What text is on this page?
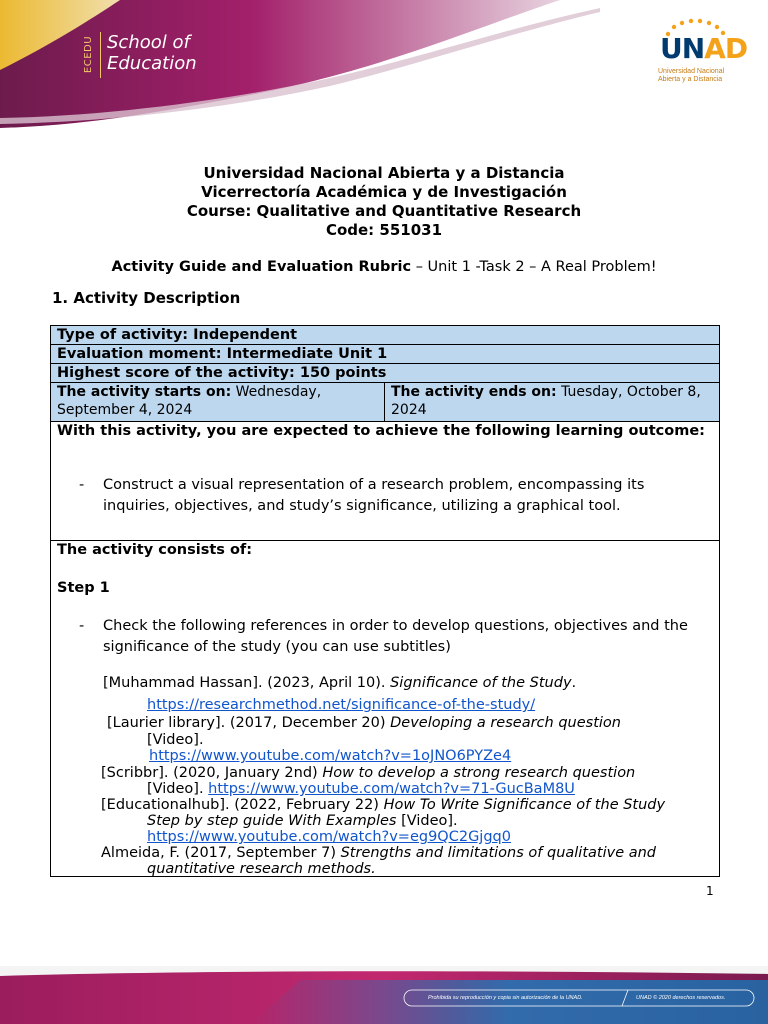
ECEDU School of
Education	UNAD
Universidad Nacional
Abierta y a Distancia
Universidad Nacional Abierta y a Distancia
Vicerrectoría Académica y de Investigación
Course: Qualitative and Quantitative Research
Code: 551031
Activity Guide and Evaluation Rubric – Unit 1 -Task 2 – A Real Problem!
1. Activity Description
Type of activity: Independent
Evaluation moment: Intermediate Unit 1
Highest score of the activity: 150 points
The activity starts on: Wednesday, September 4, 2024
The activity ends on: Tuesday, October 8, 2024
With this activity, you are expected to achieve the following learning outcome:
- Construct a visual representation of a research problem, encompassing its inquiries, objectives, and study’s significance, utilizing a graphical tool.
The activity consists of:
Step 1
- Check the following references in order to develop questions, objectives and the significance of the study (you can use subtitles)
[Muhammad Hassan]. (2023, April 10). Significance of the Study.
https://researchmethod.net/significance-of-the-study/
[Laurier library]. (2017, December 20) Developing a research question
[Video].
https://www.youtube.com/watch?v=1oJNO6PYZe4
[Scribbr]. (2020, January 2nd) How to develop a strong research question
[Video]. https://www.youtube.com/watch?v=71-GucBaM8U
[Educationalhub]. (2022, February 22) How To Write Significance of the Study
Step by step guide With Examples [Video].
https://www.youtube.com/watch?v=eg9QC2Gjgq0
Almeida, F. (2017, September 7) Strengths and limitations of qualitative and
quantitative research methods.
1
Prohibida su reproducción y copia sin autorización de la UNAD.	UNAD © 2020 derechos reservados.
